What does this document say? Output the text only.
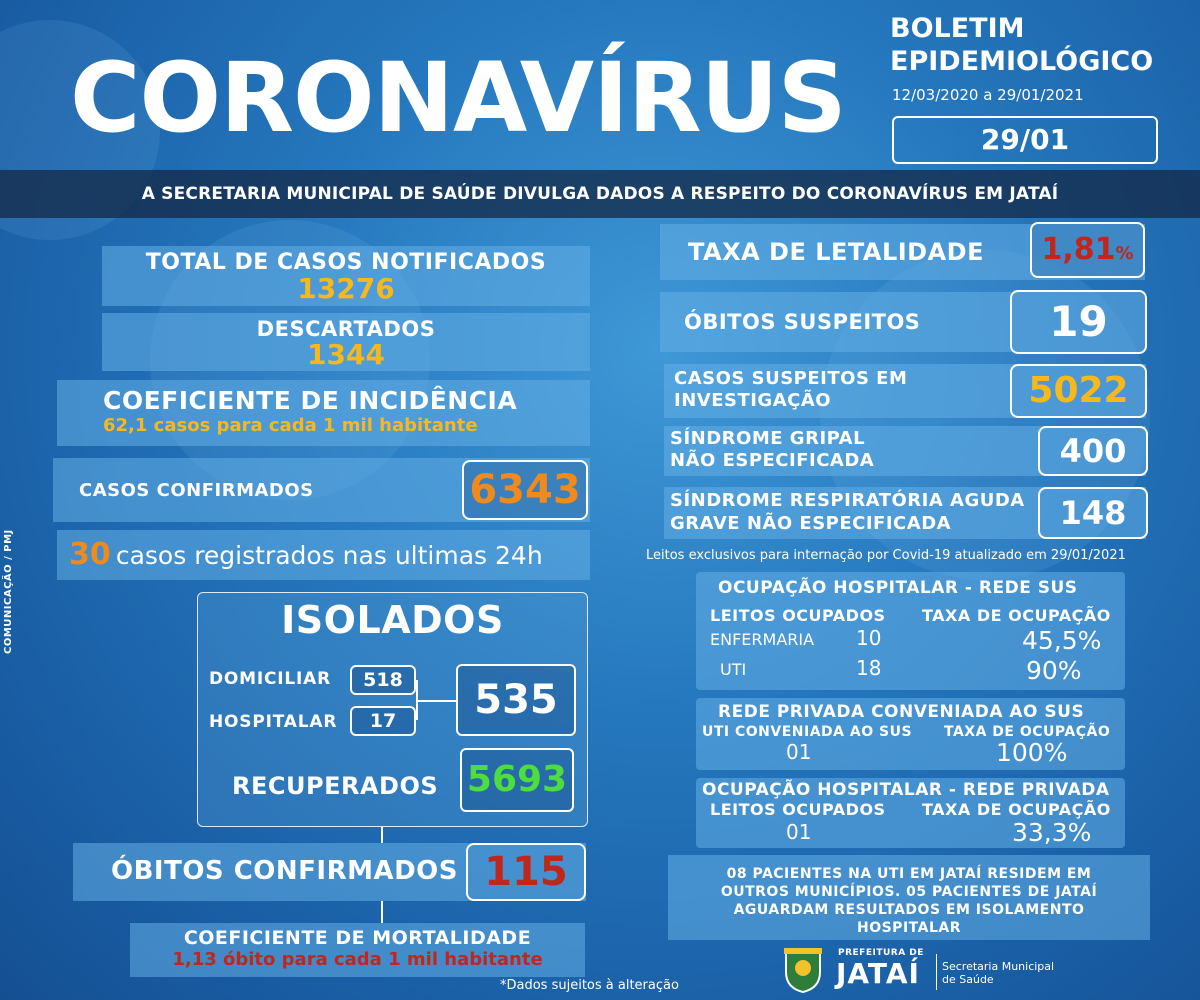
CORONAVÍRUS
BOLETIM
EPIDEMIOLÓGICO
12/03/2020 a 29/01/2021
29/01
A SECRETARIA MUNICIPAL DE SAÚDE DIVULGA DADOS A RESPEITO DO CORONAVÍRUS EM JATAÍ
COMUNICAÇÃO / PMJ
TOTAL DE CASOS NOTIFICADOS
13276
DESCARTADOS
1344
COEFICIENTE DE INCIDÊNCIA
62,1 casos para cada 1 mil habitante
CASOS CONFIRMADOS	6343
30 casos registrados nas ultimas 24h
ISOLADOS
DOMICILIAR	518
HOSPITALAR	17	535
RECUPERADOS 5693
ÓBITOS CONFIRMADOS 115
COEFICIENTE DE MORTALIDADE
1,13 óbito para cada 1 mil habitante
*Dados sujeitos à alteração
TAXA DE LETALIDADE	1,81%
ÓBITOS SUSPEITOS	19
CASOS SUSPEITOS EM
INVESTIGAÇÃO	5022
SÍNDROME GRIPAL
NÃO ESPECIFICADA	400
SÍNDROME RESPIRATÓRIA AGUDA
GRAVE NÃO ESPECIFICADA	148
Leitos exclusivos para internação por Covid-19 atualizado em 29/01/2021
OCUPAÇÃO HOSPITALAR - REDE SUS
LEITOS OCUPADOS TAXA DE OCUPAÇÃO
ENFERMARIA 10	45,5%
UTI	18	90%
REDE PRIVADA CONVENIADA AO SUS
UTI CONVENIADA AO SUS TAXA DE OCUPAÇÃO
01	100%
OCUPAÇÃO HOSPITALAR - REDE PRIVADA
LEITOS OCUPADOS TAXA DE OCUPAÇÃO
01	33,3%
08 PACIENTES NA UTI EM JATAÍ RESIDEM EM OUTROS MUNICÍPIOS. 05 PACIENTES DE JATAÍ AGUARDAM RESULTADOS EM ISOLAMENTO HOSPITALAR
PREFEITURA DE
JATAÍ Secretaria Municipal
de Saúde
